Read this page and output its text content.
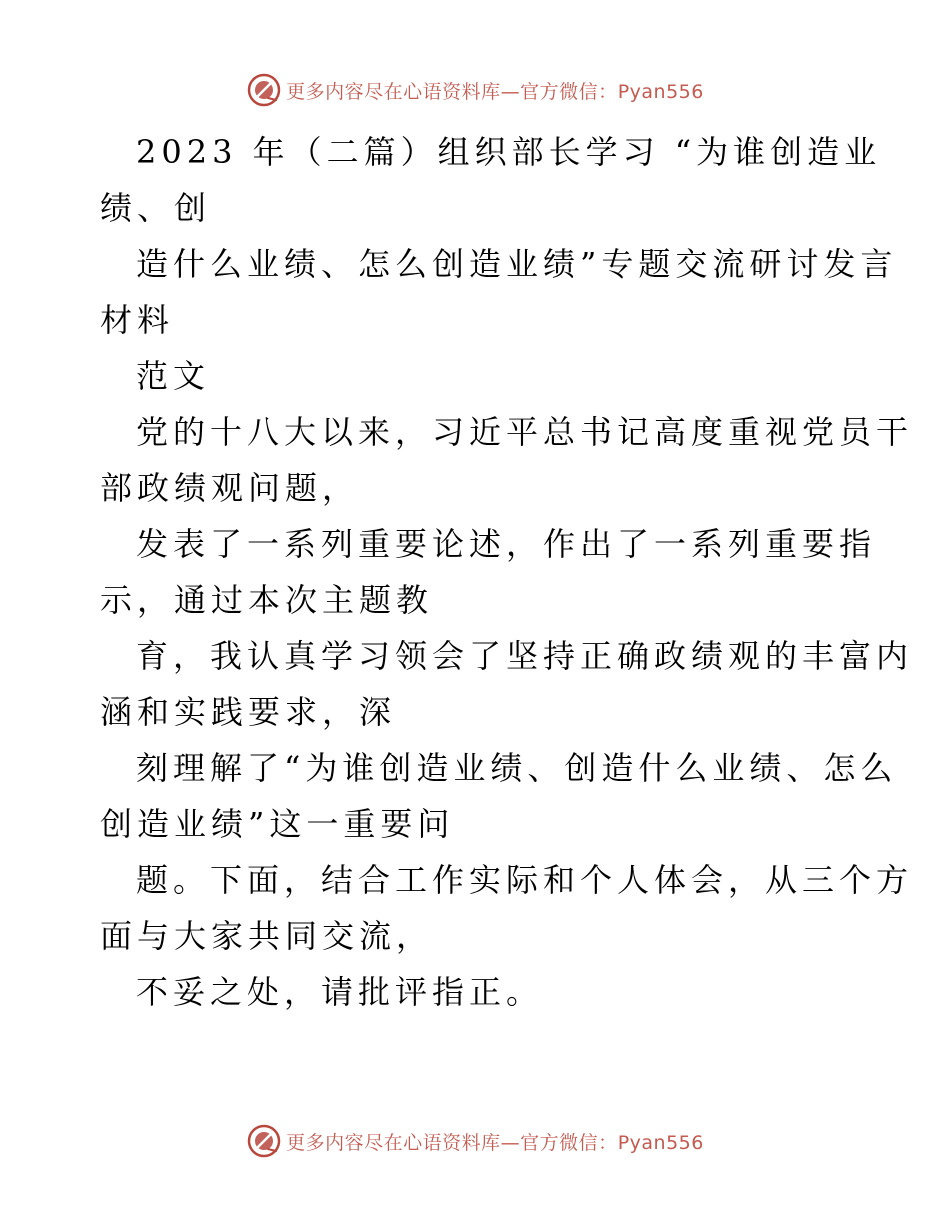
更多内容尽在心语资料库—官方微信：Pyan556
2023 年（二篇）组织部长学习 “为谁创造业
绩、创
造什么业绩、怎么创造业绩”专题交流研讨发言
材料
范文
党的十八大以来，习近平总书记高度重视党员干
部政绩观问题，
发表了一系列重要论述，作出了一系列重要指
示，通过本次主题教
育，我认真学习领会了坚持正确政绩观的丰富内
涵和实践要求，深
刻理解了“为谁创造业绩、创造什么业绩、怎么
创造业绩”这一重要问
题。下面，结合工作实际和个人体会，从三个方
面与大家共同交流，
不妥之处，请批评指正。
更多内容尽在心语资料库—官方微信：Pyan556
